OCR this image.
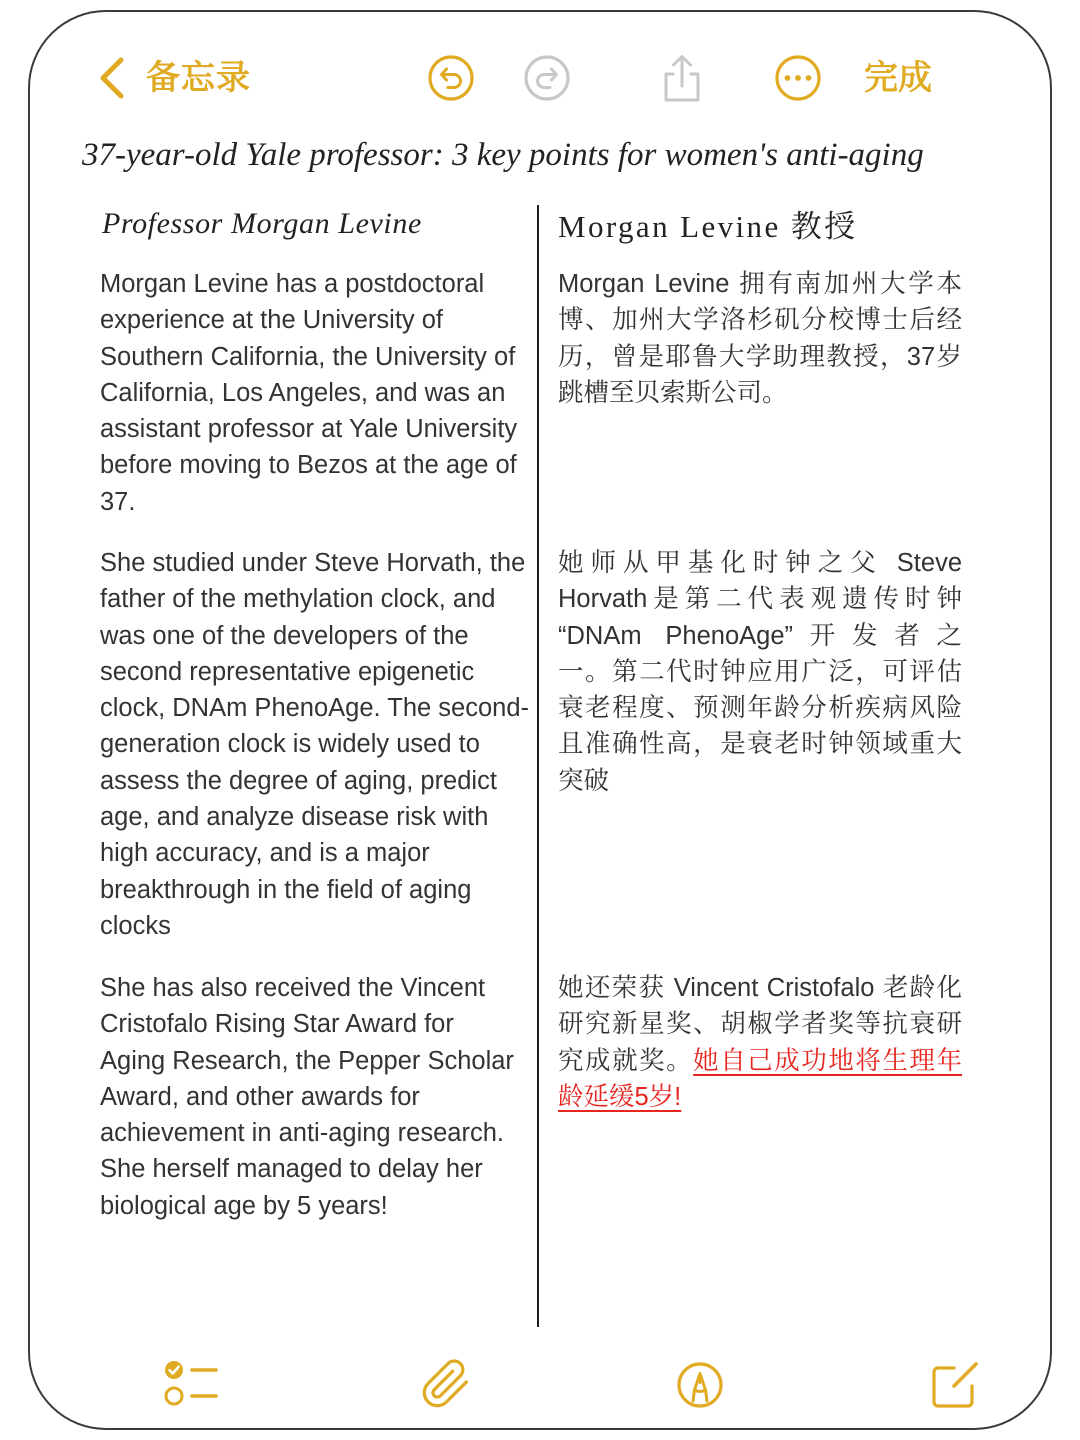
备忘录	完成
37-year-old Yale professor: 3 key points for women's anti-aging
Professor Morgan Levine	Morgan Levine 教授
Morgan Levine has a postdoctoral
experience at the University of
Southern California, the University of
California, Los Angeles, and was an
assistant professor at Yale University
before moving to Bezos at the age of
37.
She studied under Steve Horvath, the
father of the methylation clock, and
was one of the developers of the
second representative epigenetic
clock, DNAm PhenoAge. The second-
generation clock is widely used to
assess the degree of aging, predict
age, and analyze disease risk with
high accuracy, and is a major
breakthrough in the field of aging
clocks
She has also received the Vincent
Cristofalo Rising Star Award for
Aging Research, the Pepper Scholar
Award, and other awards for
achievement in anti-aging research.
She herself managed to delay her
biological age by 5 years!
Morgan Levine 拥有南加州大学本
博、加州大学洛杉矶分校博士后经
历，曾是耶鲁大学助理教授，37岁
跳槽至贝索斯公司。
她师从甲基化时钟之父 Steve
Horvath是第二代表观遗传时钟
“DNAm PhenoAge”开发者之
一。第二代时钟应用广泛，可评估
衰老程度、预测年龄分析疾病风险
且准确性高，是衰老时钟领域重大
突破
她还荣获 Vincent Cristofalo 老龄化
研究新星奖、胡椒学者奖等抗衰研
究成就奖。她自己成功地将生理年
龄延缓5岁!
